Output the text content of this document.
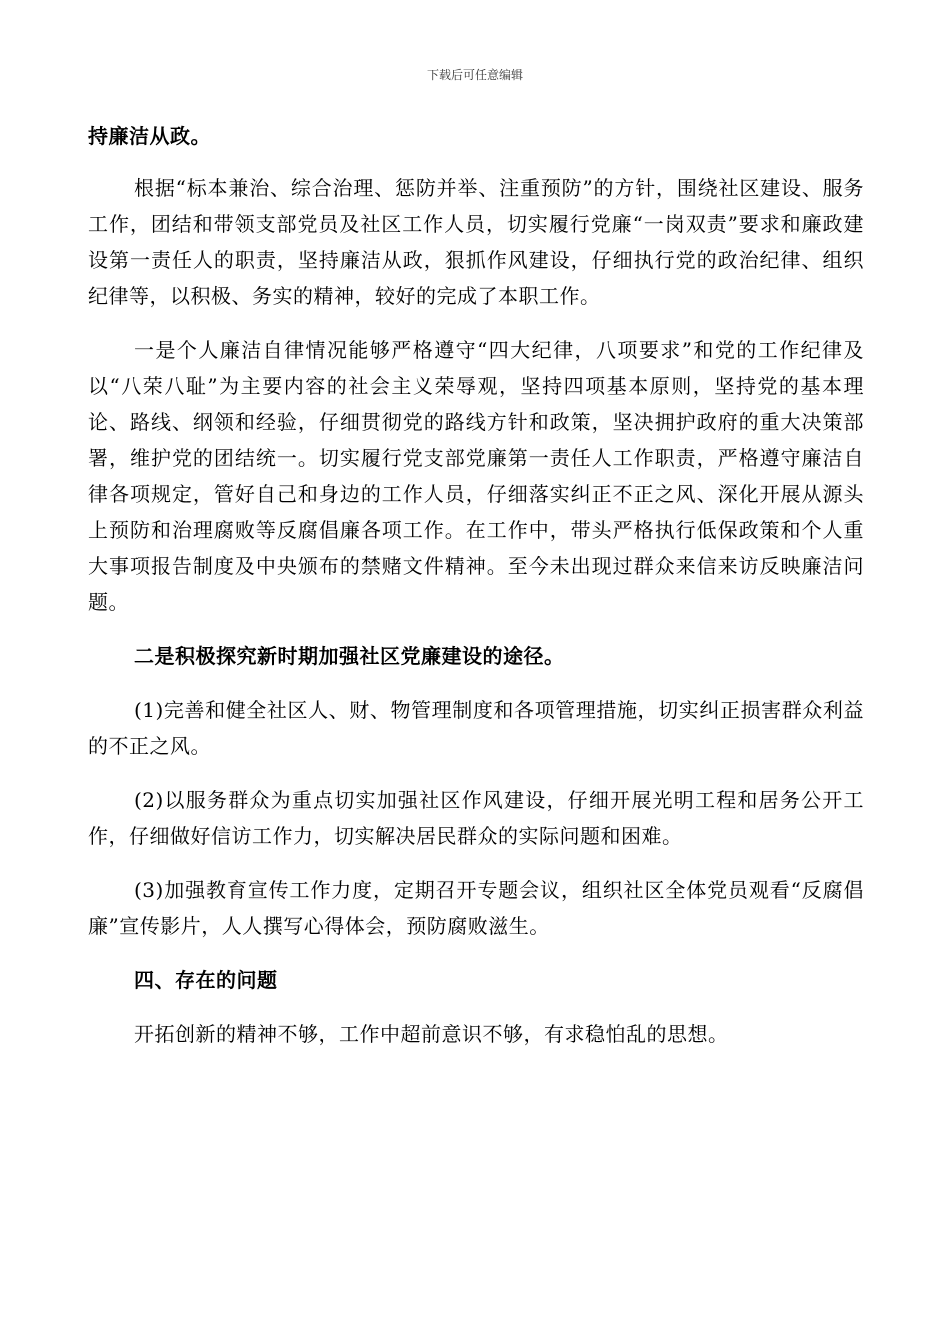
下载后可任意编辑

持廉洁从政。

根据“标本兼治、综合治理、惩防并举、注重预防”的方针，围绕社区建设、服务工作，团结和带领支部党员及社区工作人员，切实履行党廉“一岗双责”要求和廉政建设第一责任人的职责，坚持廉洁从政，狠抓作风建设，仔细执行党的政治纪律、组织纪律等，以积极、务实的精神，较好的完成了本职工作。

一是个人廉洁自律情况能够严格遵守“四大纪律，八项要求”和党的工作纪律及以“八荣八耻”为主要内容的社会主义荣辱观，坚持四项基本原则，坚持党的基本理论、路线、纲领和经验，仔细贯彻党的路线方针和政策，坚决拥护政府的重大决策部署，维护党的团结统一。切实履行党支部党廉第一责任人工作职责，严格遵守廉洁自律各项规定，管好自己和身边的工作人员，仔细落实纠正不正之风、深化开展从源头上预防和治理腐败等反腐倡廉各项工作。在工作中，带头严格执行低保政策和个人重大事项报告制度及中央颁布的禁赌文件精神。至今未出现过群众来信来访反映廉洁问题。

二是积极探究新时期加强社区党廉建设的途径。

(1)完善和健全社区人、财、物管理制度和各项管理措施，切实纠正损害群众利益的不正之风。

(2)以服务群众为重点切实加强社区作风建设，仔细开展光明工程和居务公开工作，仔细做好信访工作力，切实解决居民群众的实际问题和困难。

(3)加强教育宣传工作力度，定期召开专题会议，组织社区全体党员观看“反腐倡廉”宣传影片，人人撰写心得体会，预防腐败滋生。

四、存在的问题

开拓创新的精神不够，工作中超前意识不够，有求稳怕乱的思想。
